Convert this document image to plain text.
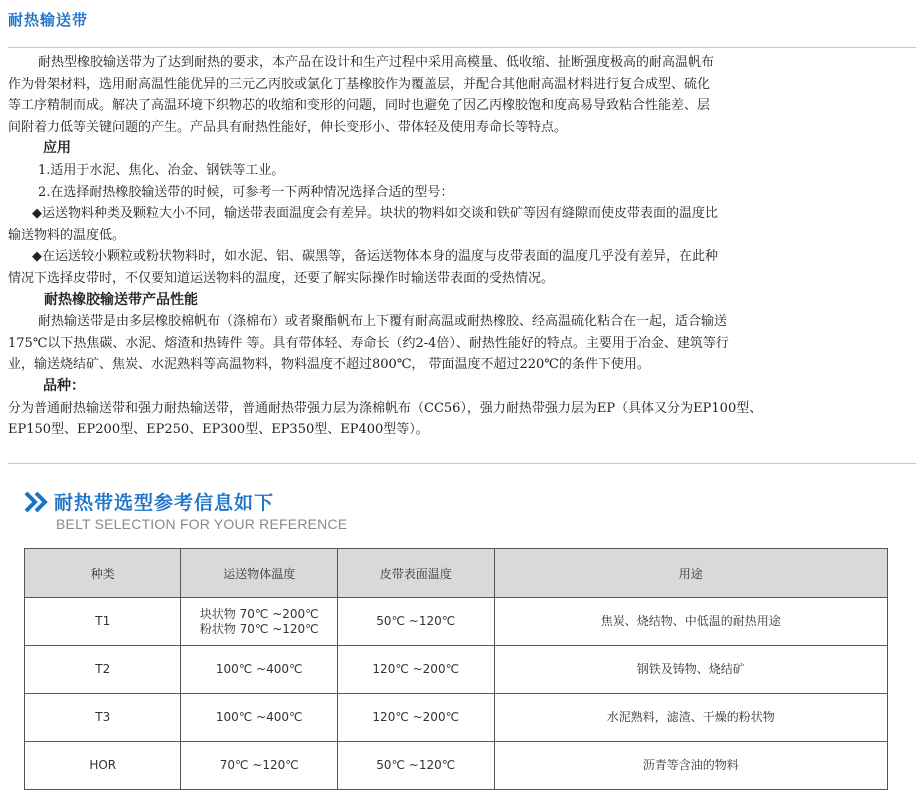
耐热输送带

耐热型橡胶输送带为了达到耐热的要求，本产品在设计和生产过程中采用高模量、低收缩、扯断强度极高的耐高温帆布

作为骨架材料，选用耐高温性能优异的三元乙丙胶或氯化丁基橡胶作为覆盖层，并配合其他耐高温材料进行复合成型、硫化

等工序精制而成。解决了高温环境下织物芯的收缩和变形的问题，同时也避免了因乙丙橡胶饱和度高易导致粘合性能差、层

间附着力低等关键问题的产生。产品具有耐热性能好，伸长变形小、带体轻及使用寿命长等特点。

应用

1.适用于水泥、焦化、冶金、钢铁等工业。

2.在选择耐热橡胶输送带的时候，可参考一下两种情况选择合适的型号：

◆运送物料种类及颗粒大小不同，输送带表面温度会有差异。块状的物料如交谈和铁矿等因有缝隙而使皮带表面的温度比

输送物料的温度低。

◆在运送较小颗粒或粉状物料时，如水泥、铝、碳黑等，备运送物体本身的温度与皮带表面的温度几乎没有差异，在此种

情况下选择皮带时，不仅要知道运送物料的温度，还要了解实际操作时输送带表面的受热情况。

耐热橡胶输送带产品性能

耐热输送带是由多层橡胶棉帆布（涤棉布）或者聚酯帆布上下覆有耐高温或耐热橡胶、经高温硫化粘合在一起，适合输送

175℃以下热焦碳、水泥、熔渣和热铸件 等。具有带体轻、寿命长（约2-4倍）、耐热性能好的特点。主要用于冶金、建筑等行

业，输送烧结矿、焦炭、水泥熟料等高温物料，物料温度不超过800℃， 带面温度不超过220℃的条件下使用。

品种：

分为普通耐热输送带和强力耐热输送带，普通耐热带强力层为涤棉帆布（CC56），强力耐热带强力层为EP（具体又分为EP100型、

EP150型、EP200型、EP250、EP300型、EP350型、EP400型等）。

耐热带选型参考信息如下
BELT SELECTION FOR YOUR REFERENCE
种类	运送物体温度	皮带表面温度	用途
T1	块状物 70℃ ~200℃
粉状物 70℃ ~120℃	50℃ ~120℃	焦炭、烧结物、中低温的耐热用途
T2	100℃ ~400℃	120℃ ~200℃	钢铁及铸物、烧结矿
T3	100℃ ~400℃	120℃ ~200℃	水泥熟料，滤渣、干燥的粉状物
HOR	70℃ ~120℃	50℃ ~120℃	沥青等含油的物料
